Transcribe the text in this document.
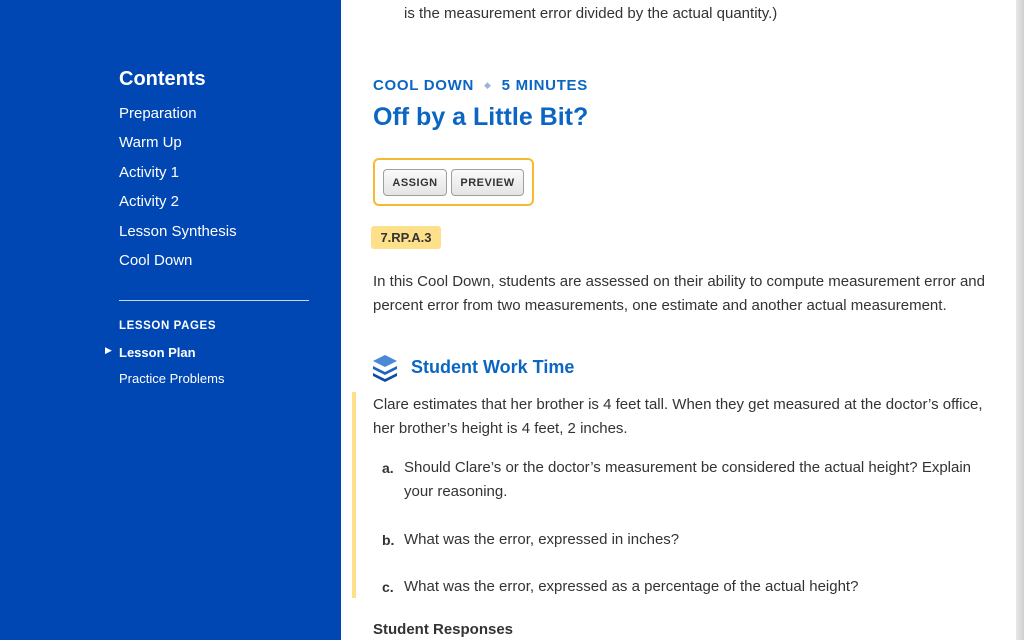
Contents
Preparation
Warm Up
Activity 1
Activity 2
Lesson Synthesis
Cool Down
LESSON PAGES
▶ Lesson Plan
Practice Problems
is the measurement error divided by the actual quantity.)
COOL DOWN ◆ 5 MINUTES
Off by a Little Bit?
ASSIGN	PREVIEW
7.RP.A.3

In this Cool Down, students are assessed on their ability to compute measurement error and percent error from two measurements, one estimate and another actual measurement.

Student Work Time

Clare estimates that her brother is 4 feet tall. When they get measured at the doctor’s office, her brother’s height is 4 feet, 2 inches.

a. Should Clare’s or the doctor’s measurement be considered the actual height? Explain your reasoning.
b. What was the error, expressed in inches?
c. What was the error, expressed as a percentage of the actual height?
Student Responses
